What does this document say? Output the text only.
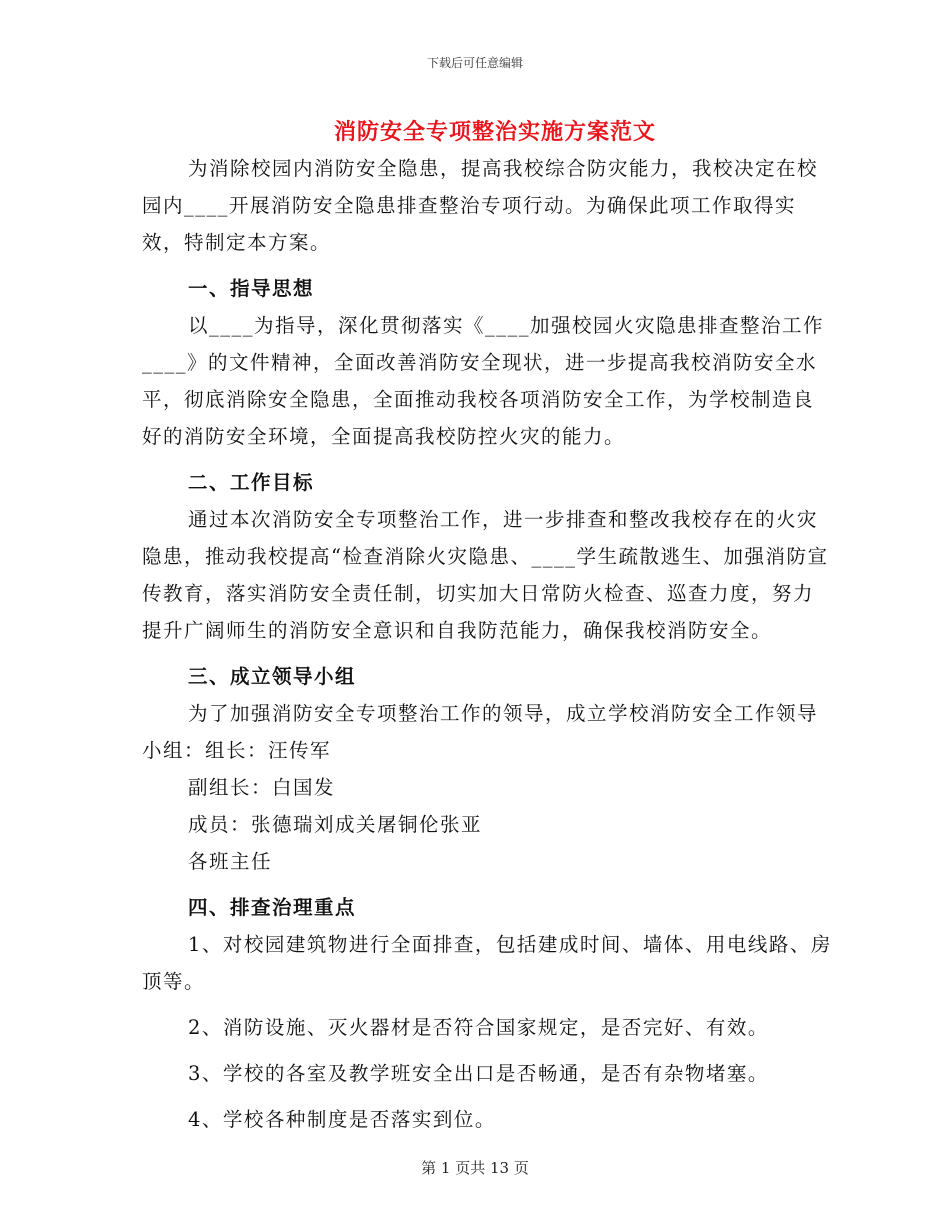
下载后可任意编辑
消防安全专项整治实施方案范文

为消除校园内消防安全隐患，提高我校综合防灾能力，我校决定在校园内____开展消防安全隐患排查整治专项行动。为确保此项工作取得实效，特制定本方案。

一、指导思想

以____为指导，深化贯彻落实《____加强校园火灾隐患排查整治工作____》的文件精神，全面改善消防安全现状，进一步提高我校消防安全水平，彻底消除安全隐患，全面推动我校各项消防安全工作，为学校制造良好的消防安全环境，全面提高我校防控火灾的能力。

二、工作目标

通过本次消防安全专项整治工作，进一步排查和整改我校存在的火灾隐患，推动我校提高“检查消除火灾隐患、____学生疏散逃生、加强消防宣传教育，落实消防安全责任制，切实加大日常防火检查、巡查力度，努力提升广阔师生的消防安全意识和自我防范能力，确保我校消防安全。

三、成立领导小组

为了加强消防安全专项整治工作的领导，成立学校消防安全工作领导小组：组长：汪传军

副组长：白国发

成员：张德瑞刘成关屠铜伦张亚

各班主任

四、排查治理重点

1、对校园建筑物进行全面排查，包括建成时间、墙体、用电线路、房顶等。

2、消防设施、灭火器材是否符合国家规定，是否完好、有效。

3、学校的各室及教学班安全出口是否畅通，是否有杂物堵塞。

4、学校各种制度是否落实到位。

第 1 页共 13 页
